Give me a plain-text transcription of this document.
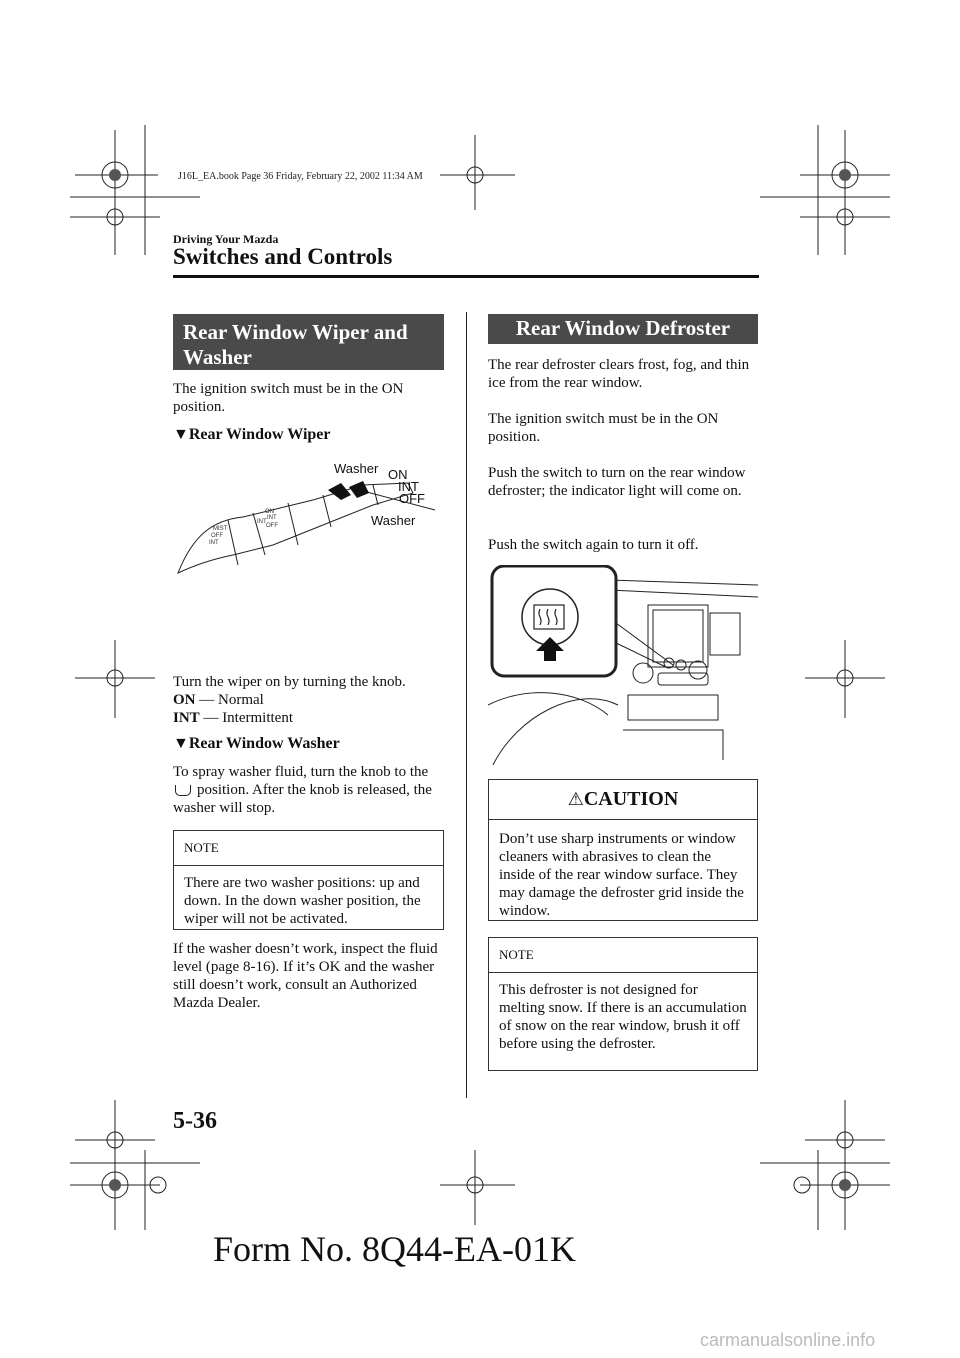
J16L_EA.book Page 36 Friday, February 22, 2002 11:34 AM
Driving Your Mazda
Switches and Controls
Rear Window Wiper and Washer
The ignition switch must be in the ON position.
▼Rear Window Wiper
MIST
OFF
INT
INT
ON
INT
OFF
Washer ON
INT
OFF
Washer
Turn the wiper on by turning the knob.
ON — Normal
INT — Intermittent
▼Rear Window Washer
To spray washer fluid, turn the knob to the
position. After the knob is released, the
washer will stop.
NOTE
There are two washer positions: up and down. In the down washer position, the wiper will not be activated.
If the washer doesn’t work, inspect the fluid level (page 8-16). If it’s OK and the washer still doesn’t work, consult an Authorized Mazda Dealer.
Rear Window Defroster
The rear defroster clears frost, fog, and thin ice from the rear window.
The ignition switch must be in the ON position.
Push the switch to turn on the rear window defroster; the indicator light will come on.
Push the switch again to turn it off.
⚠CAUTION
Don’t use sharp instruments or window cleaners with abrasives to clean the inside of the rear window surface. They may damage the defroster grid inside the window.
NOTE
This defroster is not designed for melting snow. If there is an accumulation of snow on the rear window, brush it off before using the defroster.
5-36
Form No. 8Q44-EA-01K
carmanualsonline.info
